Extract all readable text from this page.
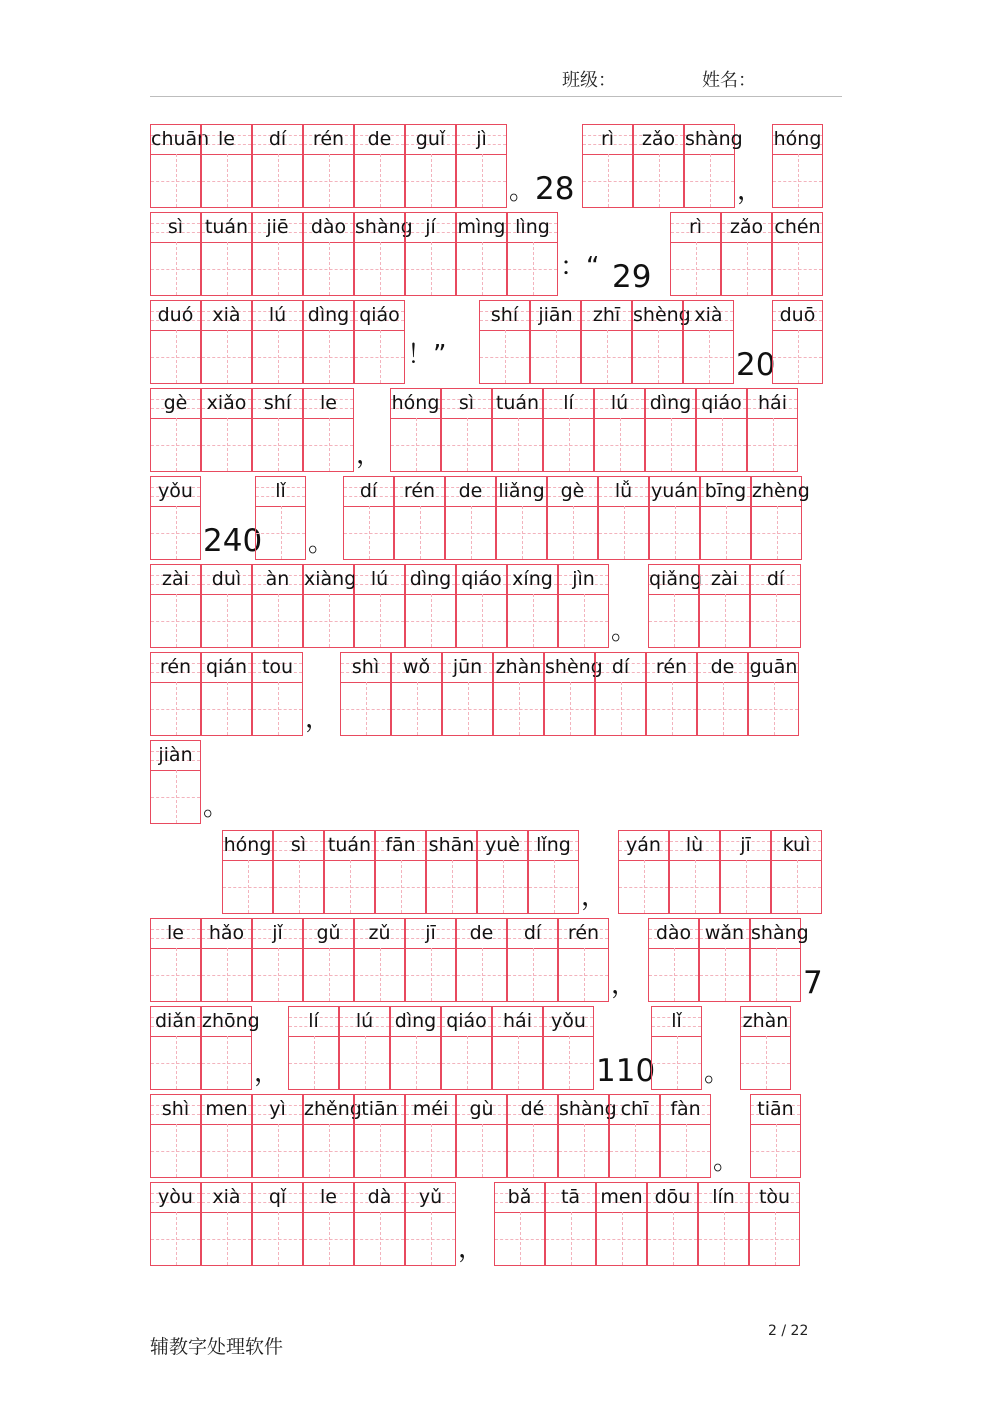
班级：	姓名：
chuān le	dí	rén	de	guǐ	jì
。 28
rì	zǎo shàng
，
hóng
sì	tuán jiē	dào shàng jí	mìng lìng
：“ 29
rì	zǎo chén
duó	xià	lú	dìng qiáo
！”
shí	jiān	zhī shèng xià
20
duō
gè	xiǎo shí	le
，
hóng	sì	tuán	lí	lú	dìng qiáo hái
yǒu
240
lǐ
。
dí	rén	de liǎng gè	lǚ yuán bīng zhèng
zài	duì	àn xiàng lú	dìng qiáo xíng	jìn
。
qiǎng zài	dí
rén qián tou
，
shì	wǒ	jūn zhàn shèng dí	rén	de guān
jiàn
。
hóng	sì	tuán fān shān yuè lǐng
，
yán	lù	jī	kuì
le	hǎo	jǐ	gǔ	zǔ	jī	de	dí	rén
，
dào wǎn shàng
7
diǎn zhōng
，
lí	lú	dìng qiáo hái	yǒu
110
lǐ
。
zhàn
shì men	yì zhěng tiān méi	gù	dé shàng chī	fàn
。
tiān
yòu	xià	qǐ	le	dà	yǔ
，
bǎ	tā	men dōu	lín	tòu
辅教字处理软件
2 / 22
